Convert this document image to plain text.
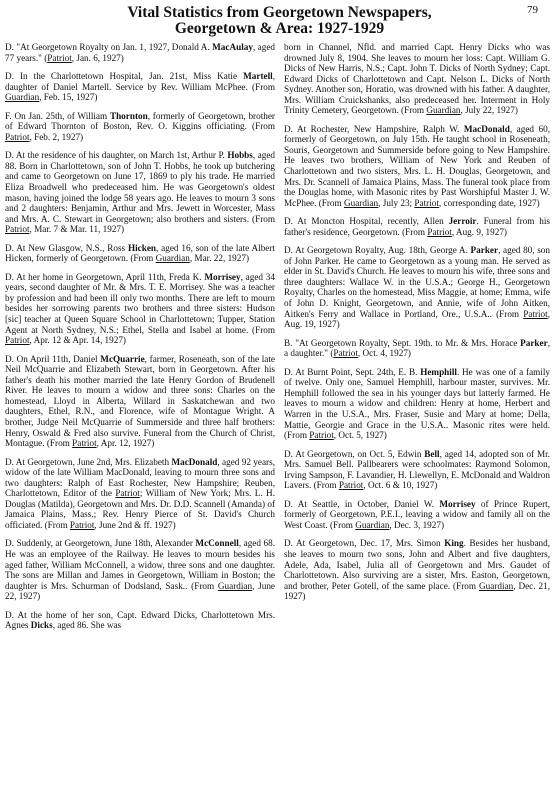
Vital Statistics from Georgetown Newspapers,
Georgetown & Area: 1927-1929
79

D. "At Georgetown Royalty on Jan. 1, 1927, Donald A. MacAulay, aged 77 years." (Patriot, Jan. 6, 1927)

D. In the Charlottetown Hospital, Jan. 21st, Miss Katie Martell, daughter of Daniel Martell. Service by Rev. William McPhee. (From Guardian, Feb. 15, 1927)

F. On Jan. 25th, of William Thornton, formerly of Georgetown, brother of Edward Thornton of Boston, Rev. O. Kiggins officiating. (From Patriot, Feb. 2, 1927)

D. At the residence of his daughter, on March 1st, Arthur P. Hobbs, aged 88. Born in Charlottetown, son of John T. Hobbs, he took up butchering and came to Georgetown on June 17, 1869 to ply his trade. He married Eliza Broadwell who predeceased him. He was Georgetown's oldest mason, having joined the lodge 58 years ago. He leaves to mourn 3 sons and 2 daughters: Benjamin, Arthur and Mrs. Jewett in Worcester, Mass and Mrs. A. C. Stewart in Georgetown; also brothers and sisters. (From Patriot, Mar. 7 & Mar. 11, 1927)

D. At New Glasgow, N.S., Ross Hicken, aged 16, son of the late Albert Hicken, formerly of Georgetown. (From Guardian, Mar. 22, 1927)

D. At her home in Georgetown, April 11th, Freda K. Morrisey, aged 34 years, second daughter of Mr. & Mrs. T. E. Morrisey. She was a teacher by profession and had been ill only two months. There are left to mourn besides her sorrowing parents two brothers and three sisters: Hudson [sic] teacher at Queen Square School in Charlottetown; Tupper, Station Agent at North Sydney, N.S.; Ethel, Stella and Isabel at home. (From Patriot, Apr. 12 & Apr. 14, 1927)

D. On April 11th, Daniel McQuarrie, farmer, Roseneath, son of the late Neil McQuarrie and Elizabeth Stewart, born in Georgetown. After his father's death his mother married the late Henry Gordon of Brudenell River. He leaves to mourn a widow and three sons: Charles on the homestead, Lloyd in Alberta, Willard in Saskatchewan and two daughters, Ethel, R.N., and Florence, wife of Montague Wright. A brother, Judge Neil McQuarrie of Summerside and three half brothers: Henry, Oswald & Fred also survive. Funeral from the Church of Christ, Montague. (From Patriot, Apr. 12, 1927)

D. At Georgetown, June 2nd, Mrs. Elizabeth MacDonald, aged 92 years, widow of the late William MacDonald, leaving to mourn three sons and two daughters: Ralph of East Rochester, New Hampshire; Reuben, Charlottetown, Editor of the Patriot; William of New York; Mrs. L. H. Douglas (Matilda), Georgetown and Mrs. Dr. D.D. Scannell (Amanda) of Jamaica Plains, Mass.; Rev. Henry Pierce of St. David's Church officiated. (From Patriot, June 2nd & ff. 1927)

D. Suddenly, at Georgetown, June 18th, Alexander McConnell, aged 68. He was an employee of the Railway. He leaves to mourn besides his aged father, William McConnell, a widow, three sons and one daughter. The sons are Millan and James in Georgetown, William in Boston; the daughter is Mrs. Schurman of Dodsland, Sask.. (From Guardian, June 22, 1927)

D. At the home of her son, Capt. Edward Dicks, Charlottetown Mrs. Agnes Dicks, aged 86. She was

born in Channel, Nfld. and married Capt. Henry Dicks who was drowned July 8, 1904. She leaves to mourn her loss: Capt. William G. Dicks of New Harris, N.S.; Capt. John T. Dicks of North Sydney; Capt. Edward Dicks of Charlottetown and Capt. Nelson L. Dicks of North Sydney. Another son, Horatio, was drowned with his father. A daughter, Mrs. William Cruickshanks, also predeceased her. Interment in Holy Trinity Cemetery, Georgetown. (From Guardian, July 22, 1927)

D. At Rochester, New Hampshire, Ralph W. MacDonald, aged 60, formerly of Georgetown, on July 15th. He taught school in Roseneath, Souris, Georgetown and Summerside before going to New Hampshire. He leaves two brothers, William of New York and Reuben of Charlottetown and two sisters, Mrs. L. H. Douglas, Georgetown, and Mrs. Dr. Scannell of Jamaica Plains, Mass. The funeral took place from the Douglas home, with Masonic rites by Past Worshipful Master J. W. McPhee. (From Guardian, July 23; Patriot, corresponding date, 1927)

D. At Moncton Hospital, recently, Allen Jerroir. Funeral from his father's residence, Georgetown. (From Patriot, Aug. 9, 1927)

D. At Georgetown Royalty, Aug. 18th, George A. Parker, aged 80, son of John Parker. He came to Georgetown as a young man. He served as elder in St. David's Church. He leaves to mourn his wife, three sons and three daughters: Wallace W. in the U.S.A.; George H., Georgetown Royalty, Charles on the homestead, Miss Maggie, at home; Emma, wife of John D. Knight, Georgetown, and Annie, wife of John Aitken, Aitken's Ferry and Wallace in Portland, Ore., U.S.A.. (From Patriot, Aug. 19, 1927)

B. "At Georgetown Royalty, Sept. 19th. to Mr. & Mrs. Horace Parker, a daughter." (Patriot, Oct. 4, 1927)

D. At Burnt Point, Sept. 24th, E. B. Hemphill. He was one of a family of twelve. Only one, Samuel Hemphill, harbour master, survives. Mr. Hemphill followed the sea in his younger days but latterly farmed. He leaves to mourn a widow and children: Henry at home, Herbert and Warren in the U.S.A., Mrs. Fraser, Susie and Mary at home; Della, Mattie, Georgie and Grace in the U.S.A.. Masonic rites were held. (From Patriot, Oct. 5, 1927)

D. At Georgetown, on Oct. 5, Edwin Bell, aged 14, adopted son of Mr. Mrs. Samuel Bell. Pallbearers were schoolmates: Raymond Solomon, Irving Sampson, F. Lavandier, H. Llewellyn, E. McDonald and Waldron Lavers. (From Patriot, Oct. 6 & 10, 1927)

D. At Seattle, in October, Daniel W. Morrisey of Prince Rupert, formerly of Georgetown, P.E.I., leaving a widow and family all on the West Coast. (From Guardian, Dec. 3, 1927)

D. At Georgetown, Dec. 17, Mrs. Simon King. Besides her husband, she leaves to mourn two sons, John and Albert and five daughters, Adele, Ada, Isabel, Julia all of Georgetown and Mrs. Gaudet of Charlottetown. Also surviving are a sister, Mrs. Easton, Georgetown, and brother, Peter Gotell, of the same place. (From Guardian, Dec. 21, 1927)
